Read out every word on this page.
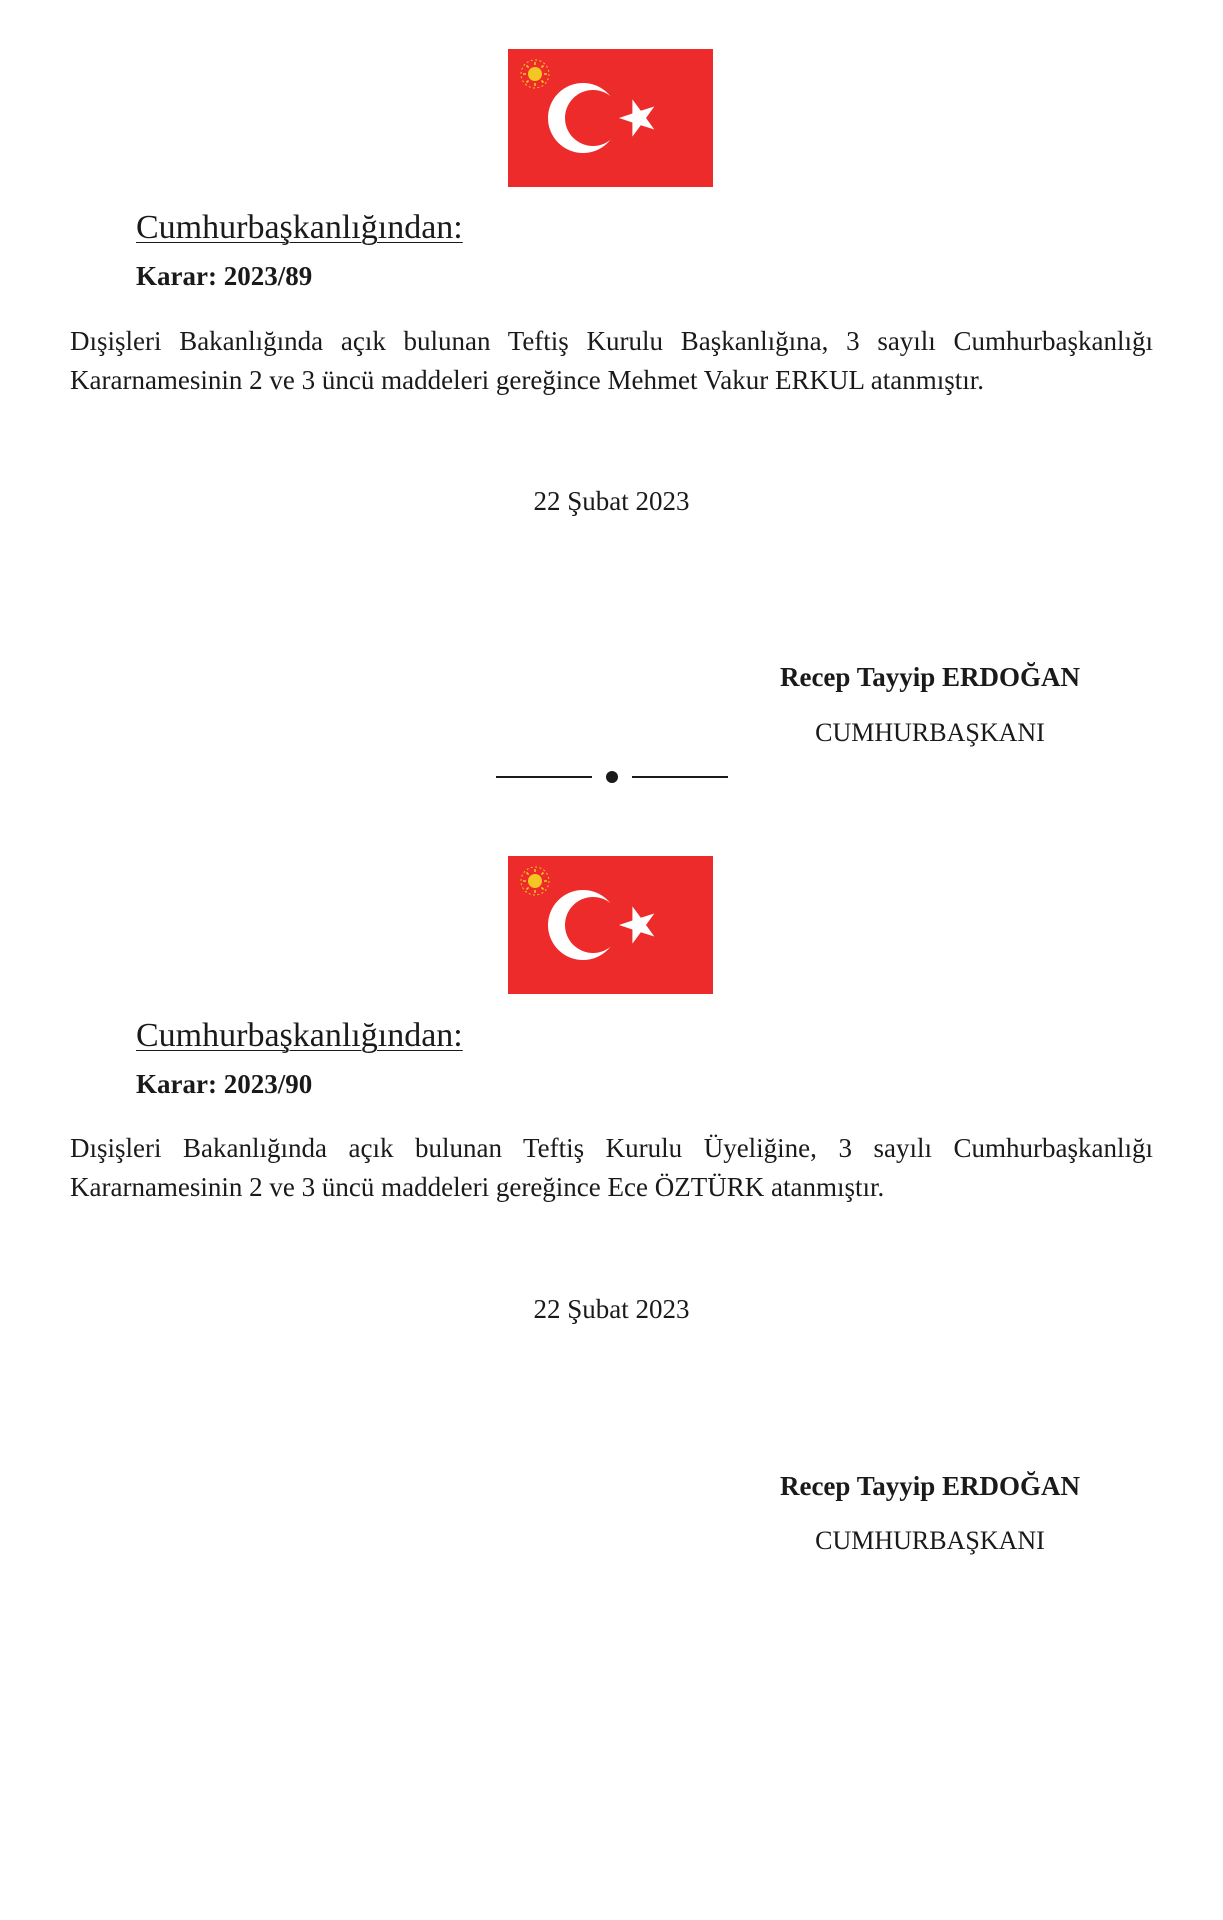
Cumhurbaşkanlığından:
Karar: 2023/89
Dışişleri Bakanlığında açık bulunan Teftiş Kurulu Başkanlığına, 3 sayılı Cumhurbaşkanlığı Kararnamesinin 2 ve 3 üncü maddeleri gereğince Mehmet Vakur ERKUL atanmıştır.
22 Şubat 2023
Recep Tayyip ERDOĞAN
CUMHURBAŞKANI
Cumhurbaşkanlığından:
Karar: 2023/90
Dışişleri Bakanlığında açık bulunan Teftiş Kurulu Üyeliğine, 3 sayılı Cumhurbaşkanlığı Kararnamesinin 2 ve 3 üncü maddeleri gereğince Ece ÖZTÜRK atanmıştır.
22 Şubat 2023
Recep Tayyip ERDOĞAN
CUMHURBAŞKANI
